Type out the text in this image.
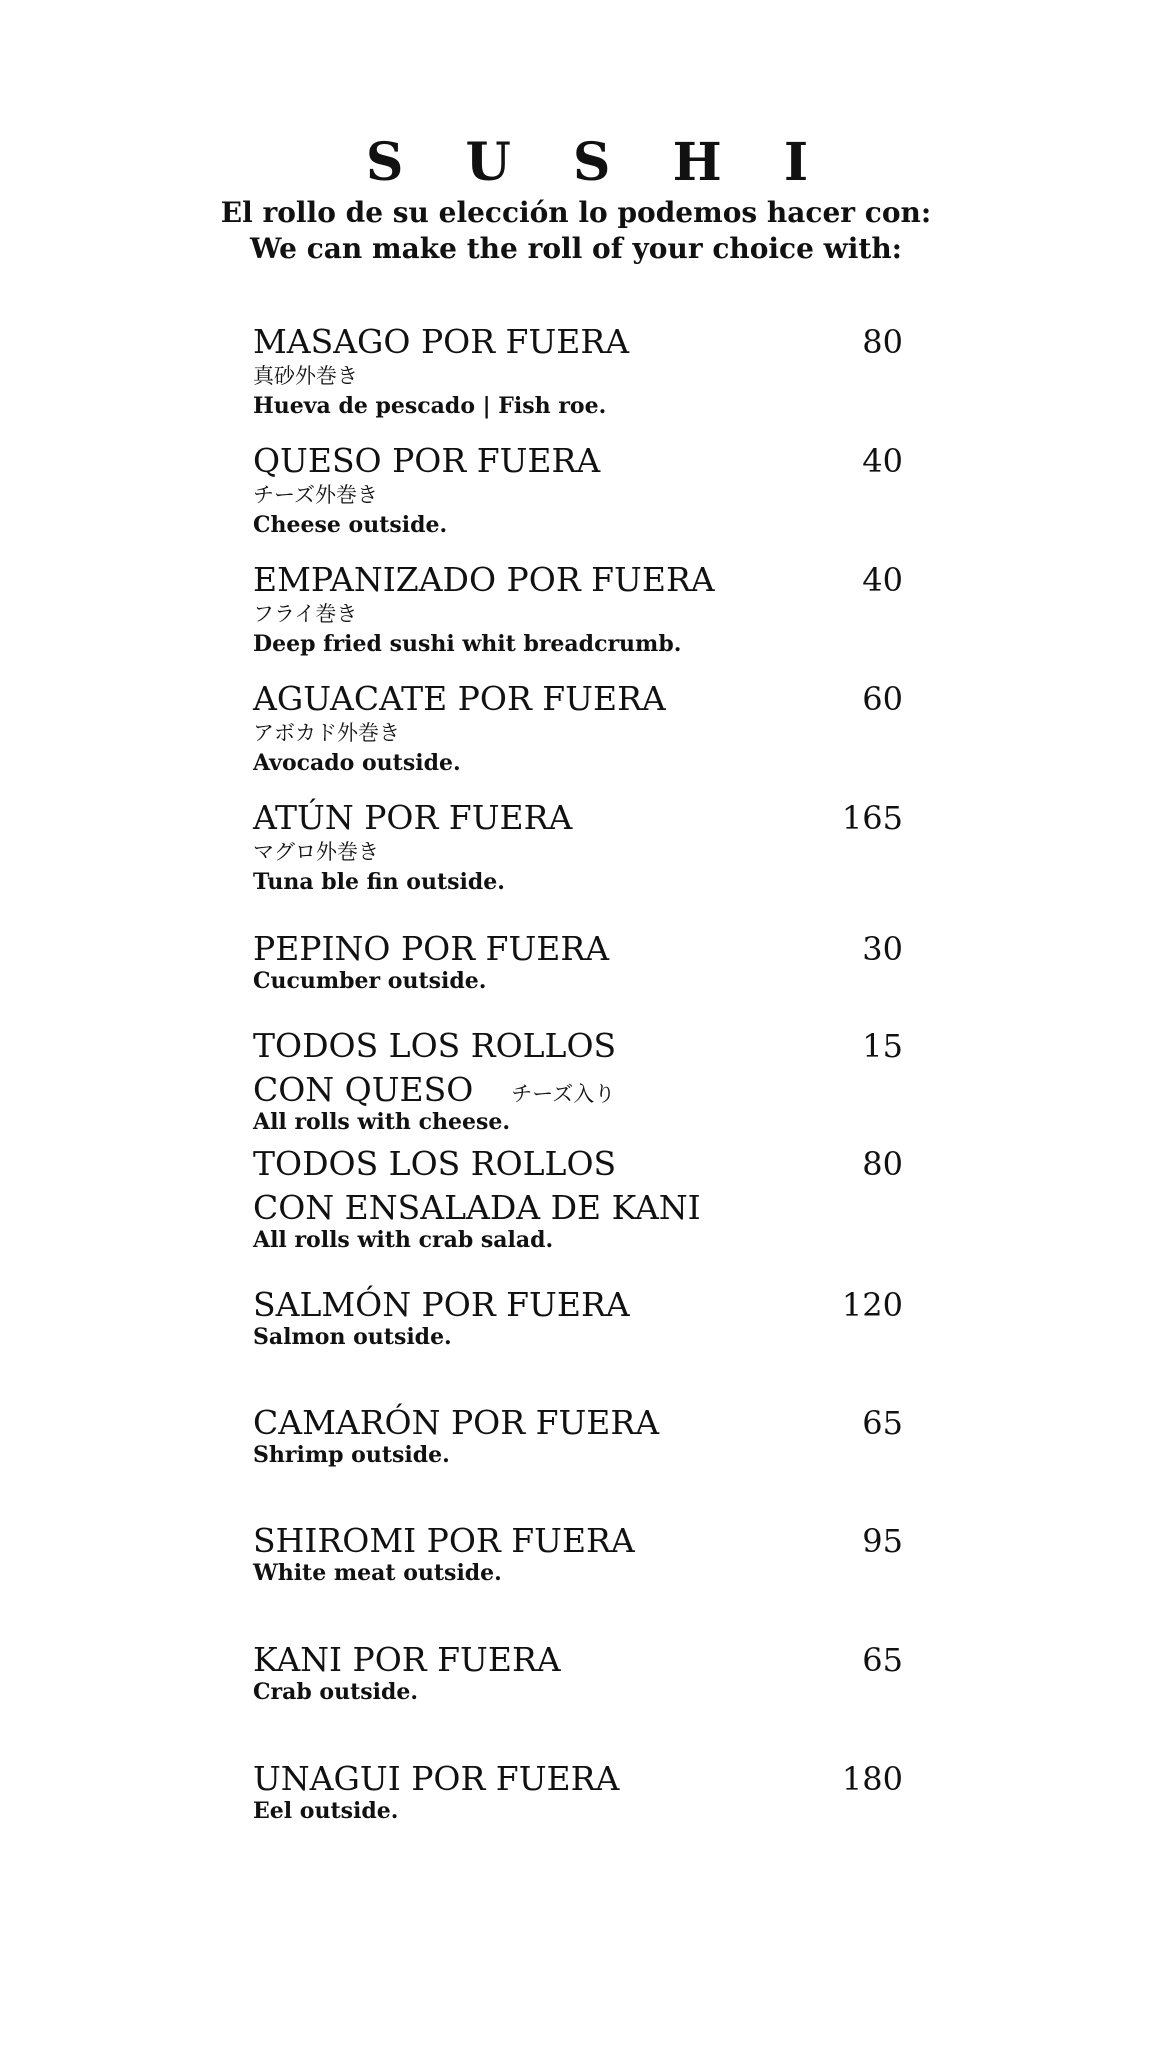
S U S H I
El rollo de su elección lo podemos hacer con:
We can make the roll of your choice with:
MASAGO POR FUERA	80
真砂外巻き
Hueva de pescado | Fish roe.
QUESO POR FUERA	40
チーズ外巻き
Cheese outside.
EMPANIZADO POR FUERA	40
フライ巻き
Deep fried sushi whit breadcrumb.
AGUACATE POR FUERA	60
アボカド外巻き
Avocado outside.
ATÚN POR FUERA	165
マグロ外巻き
Tuna ble fin outside.
PEPINO POR FUERA	30
Cucumber outside.
TODOS LOS ROLLOS	15
CON QUESO チーズ入り
All rolls with cheese.
TODOS LOS ROLLOS	80
CON ENSALADA DE KANI
All rolls with crab salad.
SALMÓN POR FUERA	120
Salmon outside.
CAMARÓN POR FUERA	65
Shrimp outside.
SHIROMI POR FUERA	95
White meat outside.
KANI POR FUERA	65
Crab outside.
UNAGUI POR FUERA	180
Eel outside.
